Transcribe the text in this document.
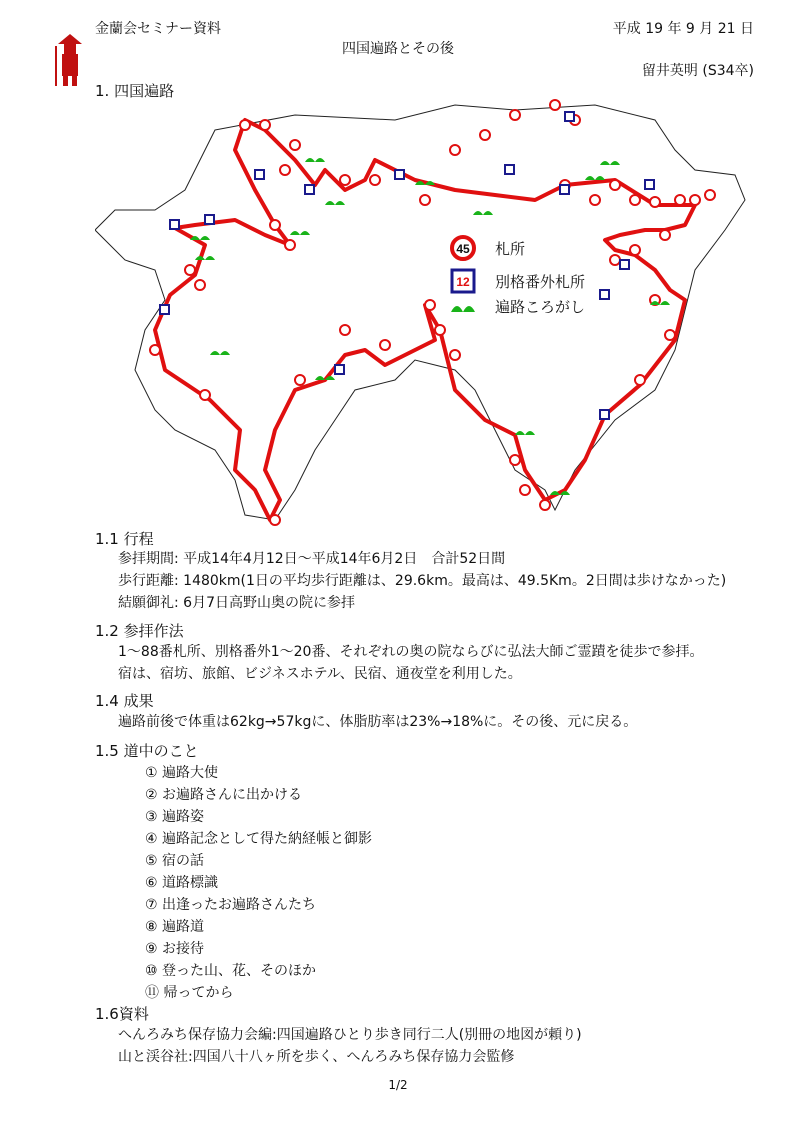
金蘭会セミナー資料	平成 19 年 9 月 21 日
四国遍路とその後
留井英明 (S34卒)
1. 四国遍路
45 札所
12 別格番外札所
遍路ころがし
1.1 行程
参拝期間: 平成14年4月12日～平成14年6月2日　合計52日間
歩行距離: 1480km(1日の平均歩行距離は、29.6km。最高は、49.5Km。2日間は歩けなかった)
結願御礼: 6月7日高野山奥の院に参拝
1.2 参拝作法
1～88番札所、別格番外1～20番、それぞれの奥の院ならびに弘法大師ご霊蹟を徒歩で参拝。
宿は、宿坊、旅館、ビジネスホテル、民宿、通夜堂を利用した。
1.4 成果
遍路前後で体重は62kg→57kgに、体脂肪率は23%→18%に。その後、元に戻る。
1.5 道中のこと
① 遍路大使
② お遍路さんに出かける
③ 遍路姿
④ 遍路記念として得た納経帳と御影
⑤ 宿の話
⑥ 道路標識
⑦ 出逢ったお遍路さんたち
⑧ 遍路道
⑨ お接待
⑩ 登った山、花、そのほか
⑪ 帰ってから
1.6資料
へんろみち保存協力会編:四国遍路ひとり歩き同行二人(別冊の地図が頼り)
山と渓谷社:四国八十八ヶ所を歩く、へんろみち保存協力会監修
1/2
